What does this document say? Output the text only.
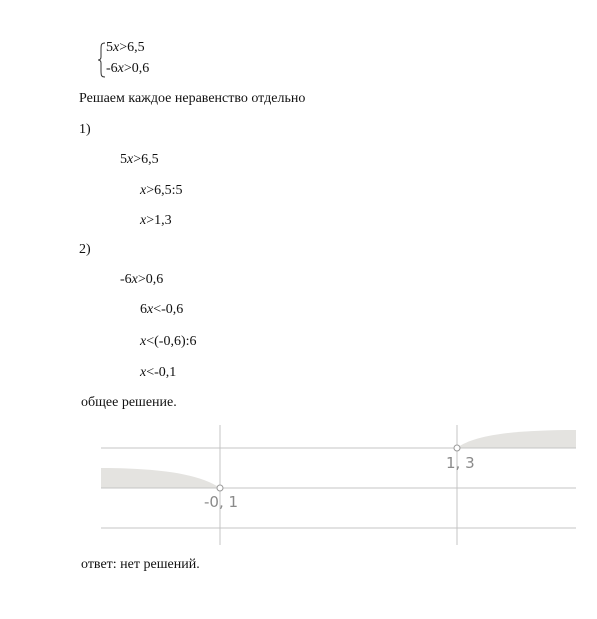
5x>6,5
-6x>0,6
Решаем каждое неравенство отдельно
1)
5x>6,5
x>6,5:5
x>1,3
2)
-6x>0,6
6x<-0,6
x<(-0,6):6
x<-0,1
общее решение.
-0, 1
1, 3
ответ: нет решений.
